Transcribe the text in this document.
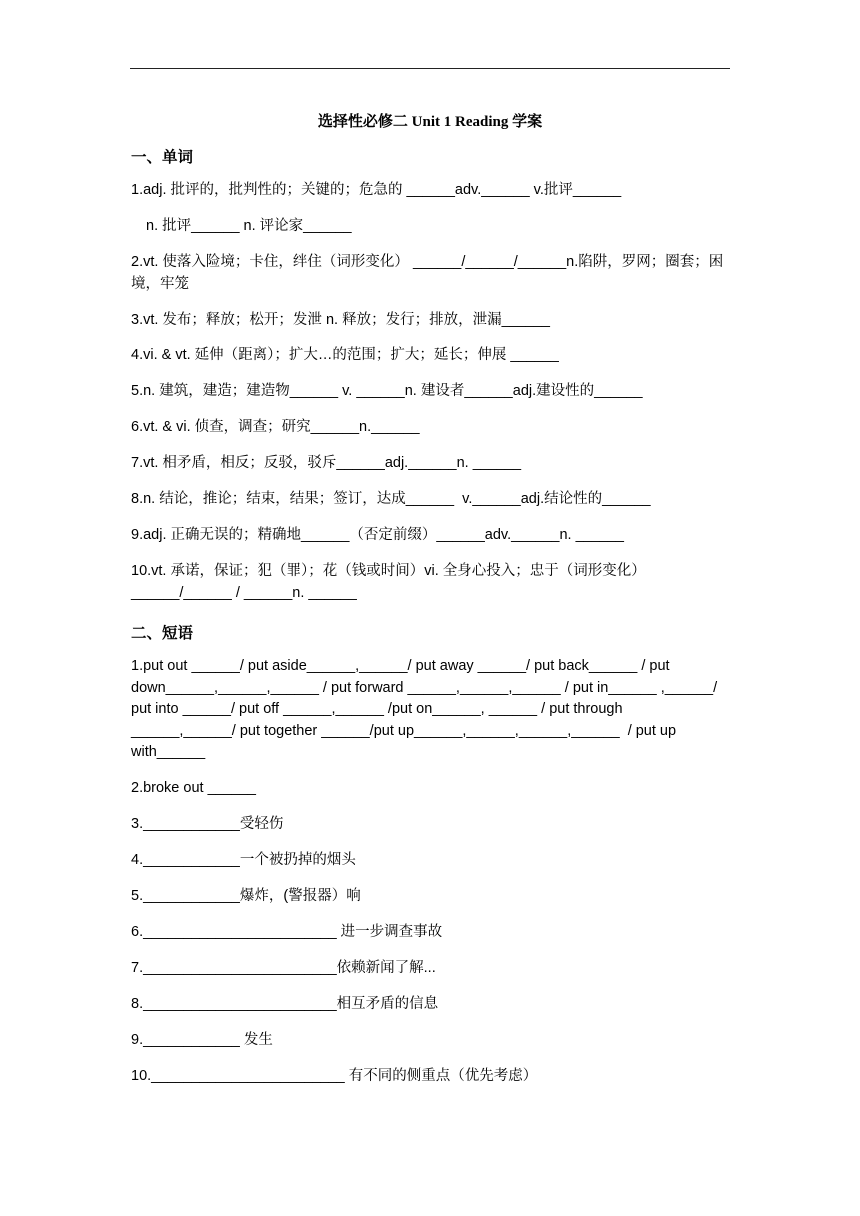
选择性必修二 Unit 1 Reading 学案
一、单词
1.adj. 批评的，批判性的；关键的；危急的 ______adv.______ v.批评______
n. 批评______ n. 评论家______
2.vt. 使落入险境；卡住，绊住（词形变化） ______/______/______n.陷阱，罗网；圈套；困境，牢笼
3.vt. 发布；释放；松开；发泄 n. 释放；发行；排放，泄漏______
4.vi. & vt. 延伸（距离）；扩大…的范围；扩大；延长；伸展 ______
5.n. 建筑，建造；建造物______ v. ______n. 建设者______adj.建设性的______
6.vt. & vi. 侦查，调查；研究______n.______
7.vt. 相矛盾，相反；反驳，驳斥______adj.______n. ______
8.n. 结论，推论；结束，结果；签订，达成______  v.______adj.结论性的______
9.adj. 正确无误的；精确地______（否定前缀）______adv.______n. ______
10.vt. 承诺，保证；犯（罪）；花（钱或时间）vi. 全身心投入；忠于（词形变化）______/______ / ______n. ______
二、短语
1.put out ______/ put aside______,______/ put away ______/ put back______ / put down______,______,______ / put forward ______,______,______ / put in______ ,______/ put into ______/ put off ______,______ /put on______, ______ / put through ______,______/ put together ______/put up______,______,______,______  / put up with______
2.broke out ______
3.____________受轻伤
4.____________一个被扔掉的烟头
5.____________爆炸，(警报器）响
6.________________________ 进一步调查事故
7.________________________依赖新闻了解...
8.________________________相互矛盾的信息
9.____________ 发生
10.________________________ 有不同的侧重点（优先考虑）
